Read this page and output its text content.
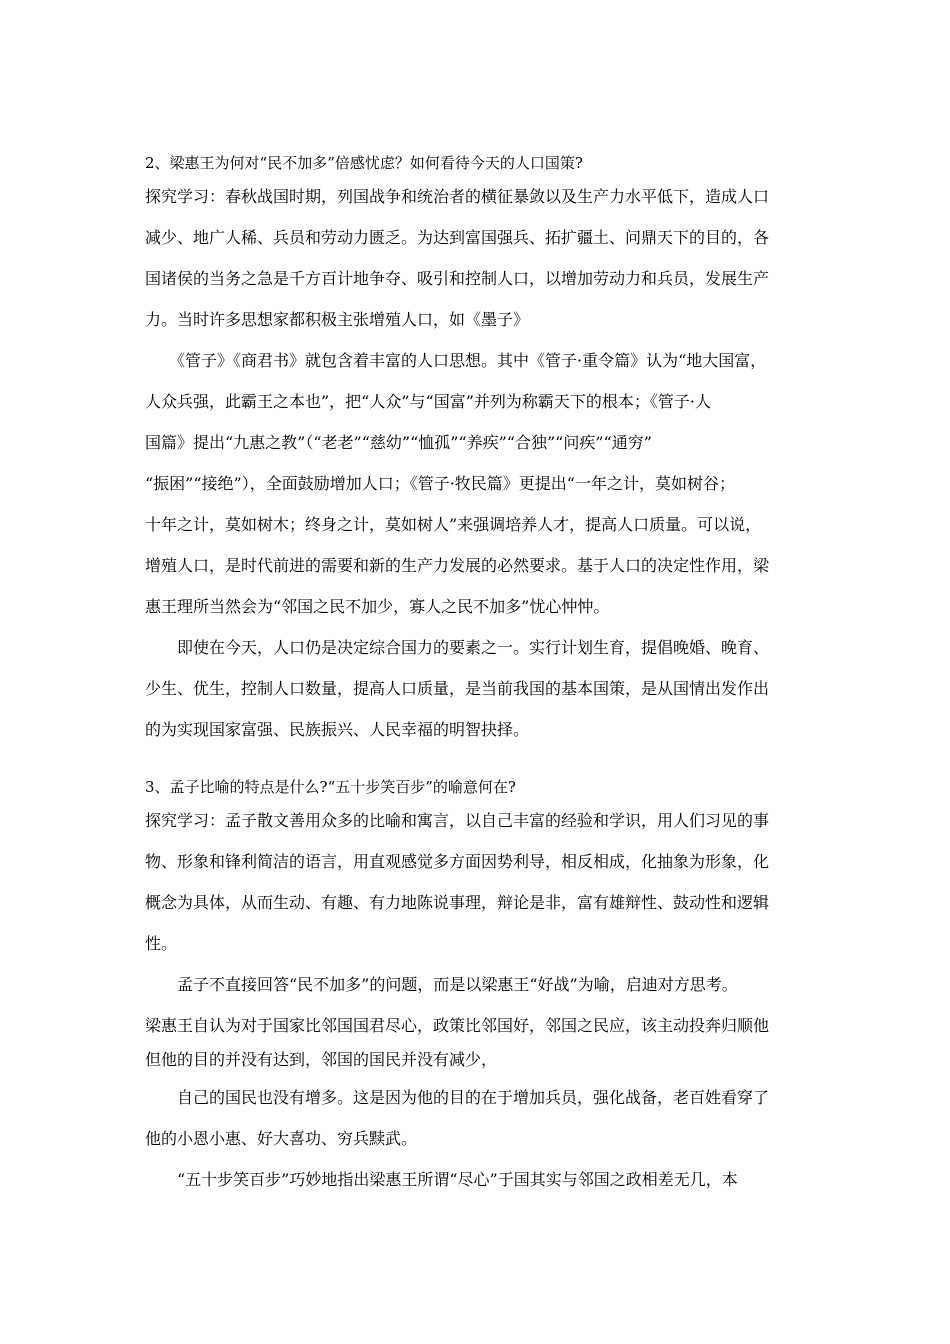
2、梁惠王为何对“民不加多”倍感忧虑？如何看待今天的人口国策?
探究学习：春秋战国时期，列国战争和统治者的横征暴敛以及生产力水平低下，造成人口
减少、地广人稀、兵员和劳动力匮乏。为达到富国强兵、拓扩疆土、问鼎天下的目的，各
国诸侯的当务之急是千方百计地争夺、吸引和控制人口，以增加劳动力和兵员，发展生产
力。当时许多思想家都积极主张增殖人口，如《墨子》
　　《管子》《商君书》就包含着丰富的人口思想。其中《管子·重令篇》认为“地大国富，
人众兵强，此霸王之本也”，把“人众”与“国富”并列为称霸天下的根本；《管子·人
国篇》提出“九惠之教”（“老老”“慈幼”“恤孤”“养疾”“合独”“问疾”“通穷”
“振困”“接绝”），全面鼓励增加人口；《管子·牧民篇》更提出“一年之计，莫如树谷；
十年之计，莫如树木；终身之计，莫如树人”来强调培养人才，提高人口质量。可以说，
增殖人口，是时代前进的需要和新的生产力发展的必然要求。基于人口的决定性作用，梁
惠王理所当然会为“邻国之民不加少，寡人之民不加多”忧心忡忡。
　　即使在今天，人口仍是决定综合国力的要素之一。实行计划生育，提倡晚婚、晚育、
少生、优生，控制人口数量，提高人口质量，是当前我国的基本国策，是从国情出发作出
的为实现国家富强、民族振兴、人民幸福的明智抉择。
3、孟子比喻的特点是什么?“五十步笑百步”的喻意何在?
探究学习：孟子散文善用众多的比喻和寓言，以自己丰富的经验和学识，用人们习见的事
物、形象和锋利简洁的语言，用直观感觉多方面因势利导，相反相成，化抽象为形象，化
概念为具体，从而生动、有趣、有力地陈说事理，辩论是非，富有雄辩性、鼓动性和逻辑
性。
　　孟子不直接回答“民不加多”的问题，而是以梁惠王“好战”为喻，启迪对方思考。
梁惠王自认为对于国家比邻国国君尽心，政策比邻国好，邻国之民应，该主动投奔归顺他
但他的目的并没有达到，邻国的国民并没有减少，
　　自己的国民也没有增多。这是因为他的目的在于增加兵员，强化战备，老百姓看穿了
他的小恩小惠、好大喜功、穷兵黩武。
　　“五十步笑百步”巧妙地指出梁惠王所谓“尽心”于国其实与邻国之政相差无几，本
